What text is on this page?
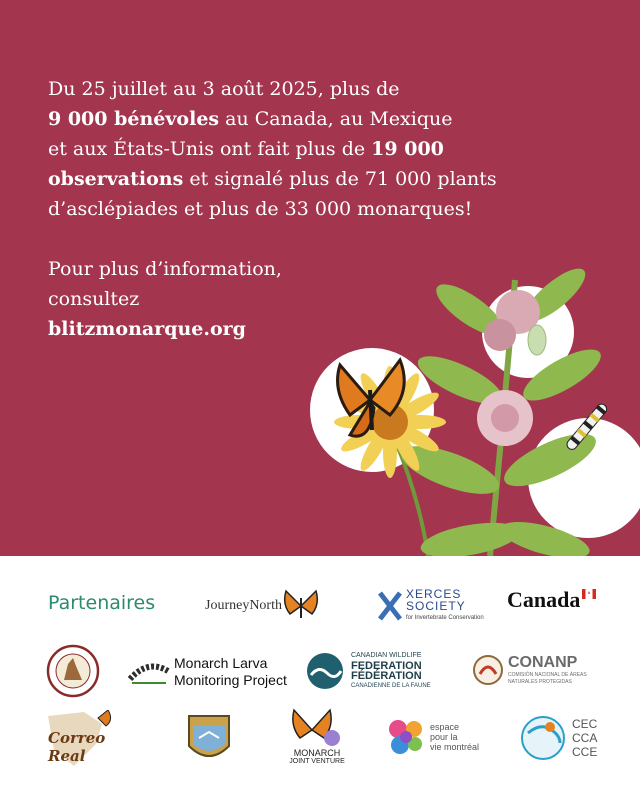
Du 25 juillet au 3 août 2025, plus de
9 000 bénévoles au Canada, au Mexique
et aux États-Unis ont fait plus de 19 000
observations et signalé plus de 71 000 plants
d’asclépiades et plus de 33 000 monarques!
Pour plus d’information,
consultez
blitzmonarque.org
Partenaires	JourneyNorth
XERCES
SOCIETY
for Invertebrate Conservation
Canada
Monarch Larva
Monitoring Project
CANADIAN WILDLIFE
FEDERATION
FÉDÉRATION
CANADIENNE DE LA FAUNE
CONANP
COMISIÓN NACIONAL DE ÁREAS
NATURALES PROTEGIDAS
Correo Real	MONARCH
JOINT VENTURE
espace
pour la
vie montréal
CEC
CCA
CCE
